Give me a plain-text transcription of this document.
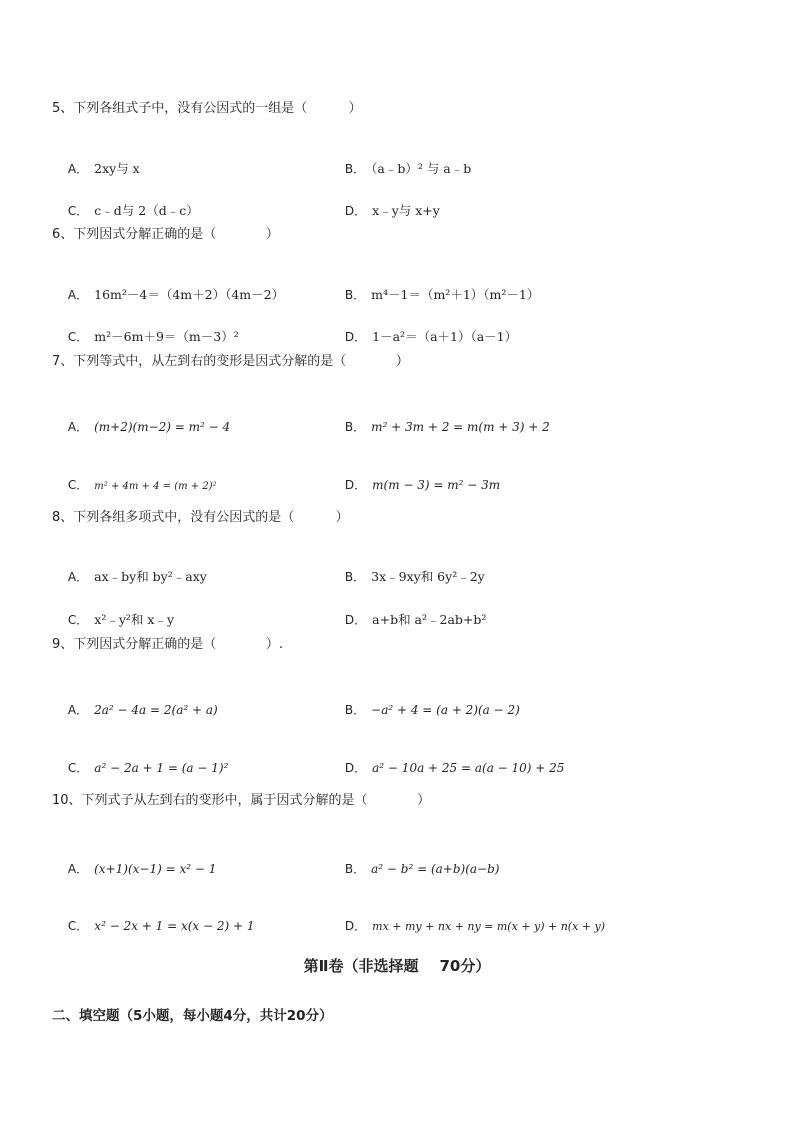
5、下列各组式子中，没有公因式的一组是（          ）

A． 2xy与 x
	B． （a﹣b）² 与 a﹣b

C． c﹣d与 2（d﹣c）
	D． x﹣y与 x+y

6、下列因式分解正确的是（            ）

A． 16m²－4＝（4m＋2）（4m－2）
	B． m⁴－1＝（m²＋1）（m²－1）

C． m²－6m＋9＝（m－3）²
	D． 1－a²＝（a＋1）（a－1）

7、下列等式中，从左到右的变形是因式分解的是（            ）

A． (m+2)(m−2) = m² − 4
	B． m² + 3m + 2 = m(m + 3) + 2

C． m² + 4m + 4 = (m + 2)²
	D． m(m − 3) = m² − 3m

8、下列各组多项式中，没有公因式的是（          ）

A． ax﹣by和 by²﹣axy
	B． 3x﹣9xy和 6y²﹣2y

C． x²﹣y²和 x﹣y
	D． a+b和 a²﹣2ab+b²

9、下列因式分解正确的是（            ）.

A． 2a² − 4a = 2(a² + a)
	B． −a² + 4 = (a + 2)(a − 2)

C． a² − 2a + 1 = (a − 1)²
	D． a² − 10a + 25 = a(a − 10) + 25

10、下列式子从左到右的变形中，属于因式分解的是（            ）

A． (x+1)(x−1) = x² − 1
	B． a² − b² = (a+b)(a−b)

C． x² − 2x + 1 = x(x − 2) + 1
	D． mx + my + nx + ny = m(x + y) + n(x + y)

第Ⅱ卷（非选择题    70分）
二、填空题（5小题，每小题4分，共计20分）
